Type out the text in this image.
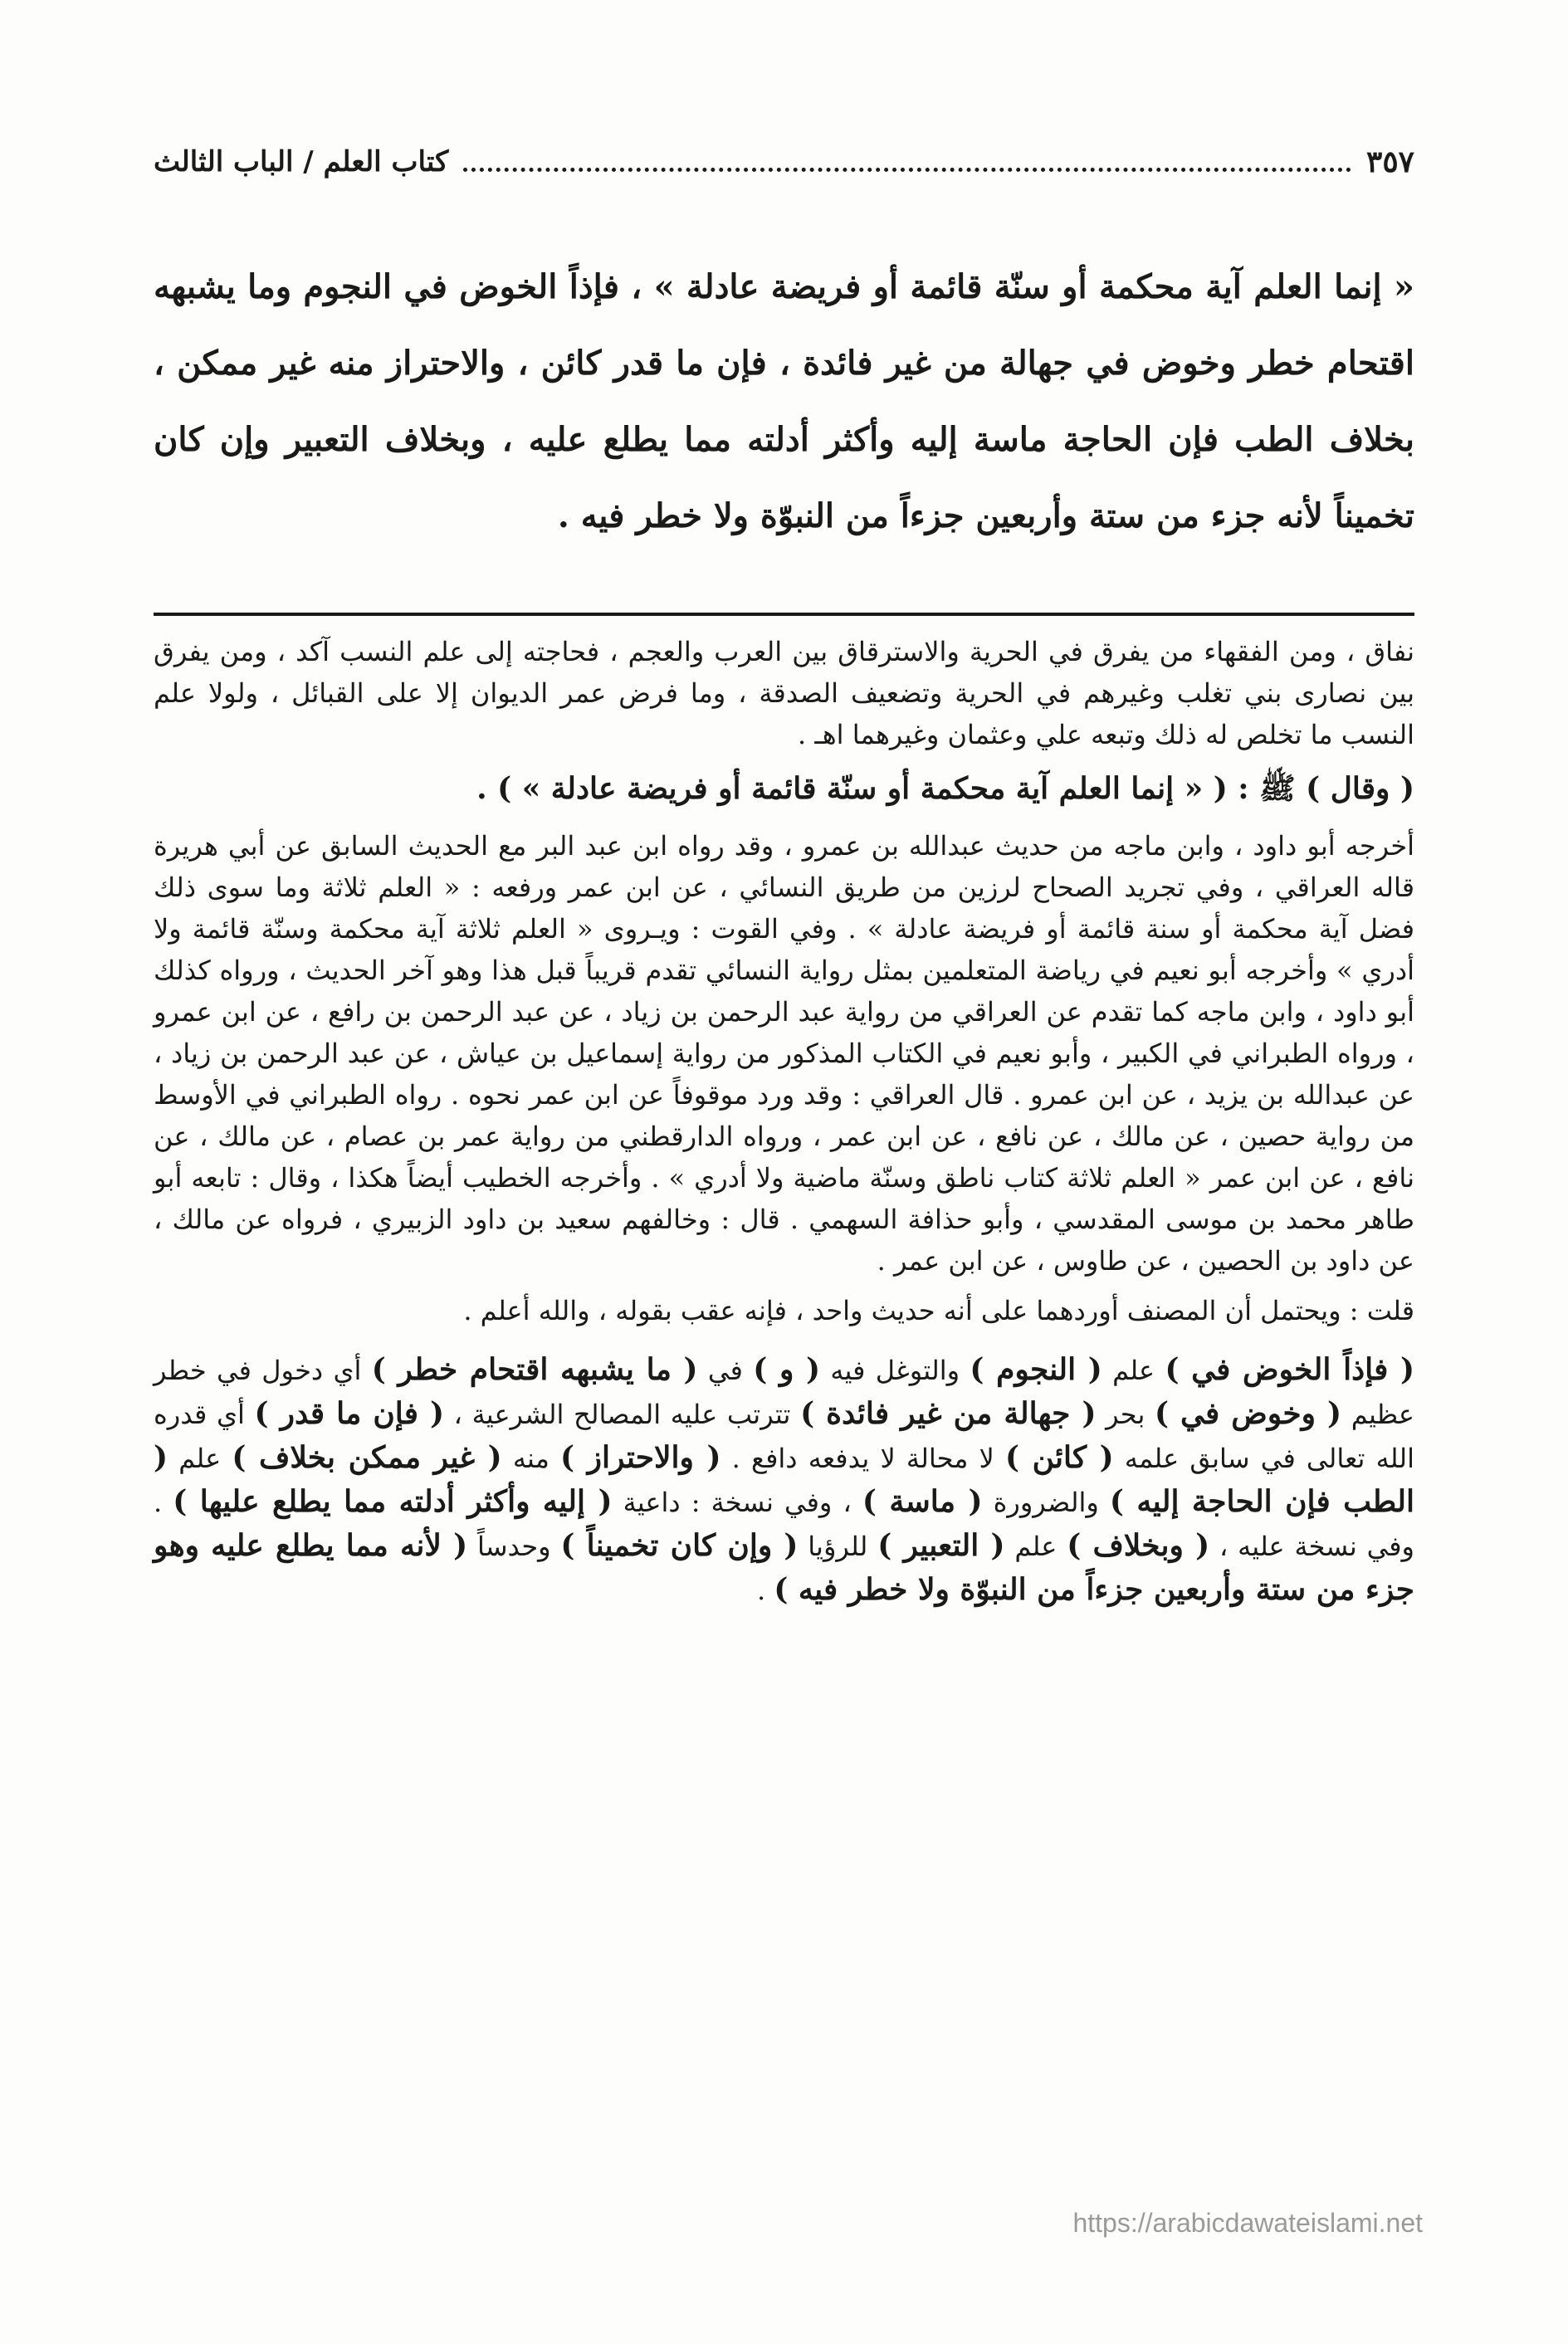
كتاب العلم / الباب الثالث	٣٥٧

« إنما العلم آية محكمة أو سنّة قائمة أو فريضة عادلة » ، فإذاً الخوض في النجوم وما يشبهه اقتحام خطر وخوض في جهالة من غير فائدة ، فإن ما قدر كائن ، والاحتراز منه غير ممكن ، بخلاف الطب فإن الحاجة ماسة إليه وأكثر أدلته مما يطلع عليه ، وبخلاف التعبير وإن كان تخميناً لأنه جزء من ستة وأربعين جزءاً من النبوّة ولا خطر فيه .

نفاق ، ومن الفقهاء من يفرق في الحرية والاسترقاق بين العرب والعجم ، فحاجته إلى علم النسب آكد ، ومن يفرق بين نصارى بني تغلب وغيرهم في الحرية وتضعيف الصدقة ، وما فرض عمر الديوان إلا على القبائل ، ولولا علم النسب ما تخلص له ذلك وتبعه علي وعثمان وغيرهما اهـ .

( وقال ) ﷺ : ( « إنما العلم آية محكمة أو سنّة قائمة أو فريضة عادلة » ) .

أخرجه أبو داود ، وابن ماجه من حديث عبدالله بن عمرو ، وقد رواه ابن عبد البر مع الحديث السابق عن أبي هريرة قاله العراقي ، وفي تجريد الصحاح لرزين من طريق النسائي ، عن ابن عمر ورفعه : « العلم ثلاثة وما سوى ذلك فضل آية محكمة أو سنة قائمة أو فريضة عادلة » . وفي القوت : ويـروى « العلم ثلاثة آية محكمة وسنّة قائمة ولا أدري » وأخرجه أبو نعيم في رياضة المتعلمين بمثل رواية النسائي تقدم قريباً قبل هذا وهو آخر الحديث ، ورواه كذلك أبو داود ، وابن ماجه كما تقدم عن العراقي من رواية عبد الرحمن بن زياد ، عن عبد الرحمن بن رافع ، عن ابن عمرو ، ورواه الطبراني في الكبير ، وأبو نعيم في الكتاب المذكور من رواية إسماعيل بن عياش ، عن عبد الرحمن بن زياد ، عن عبدالله بن يزيد ، عن ابن عمرو . قال العراقي : وقد ورد موقوفاً عن ابن عمر نحوه . رواه الطبراني في الأوسط من رواية حصين ، عن مالك ، عن نافع ، عن ابن عمر ، ورواه الدارقطني من رواية عمر بن عصام ، عن مالك ، عن نافع ، عن ابن عمر « العلم ثلاثة كتاب ناطق وسنّة ماضية ولا أدري » . وأخرجه الخطيب أيضاً هكذا ، وقال : تابعه أبو طاهر محمد بن موسى المقدسي ، وأبو حذافة السهمي . قال : وخالفهم سعيد بن داود الزبيري ، فرواه عن مالك ، عن داود بن الحصين ، عن طاوس ، عن ابن عمر .

قلت : ويحتمل أن المصنف أوردهما على أنه حديث واحد ، فإنه عقب بقوله ، والله أعلم .

( فإذاً الخوض في ) علم ( النجوم ) والتوغل فيه ( و ) في ( ما يشبهه اقتحام خطر ) أي دخول في خطر عظيم ( وخوض في ) بحر ( جهالة من غير فائدة ) تترتب عليه المصالح الشرعية ، ( فإن ما قدر ) أي قدره الله تعالى في سابق علمه ( كائن ) لا محالة لا يدفعه دافع . ( والاحتراز ) منه ( غير ممكن بخلاف ) علم ( الطب فإن الحاجة إليه ) والضرورة ( ماسة ) ، وفي نسخة : داعية ( إليه وأكثر أدلته مما يطلع عليها ) . وفي نسخة عليه ، ( وبخلاف ) علم ( التعبير ) للرؤيا ( وإن كان تخميناً ) وحدساً ( لأنه مما يطلع عليه وهو جزء من ستة وأربعين جزءاً من النبوّة ولا خطر فيه ) .

https://arabicdawateislami.net
